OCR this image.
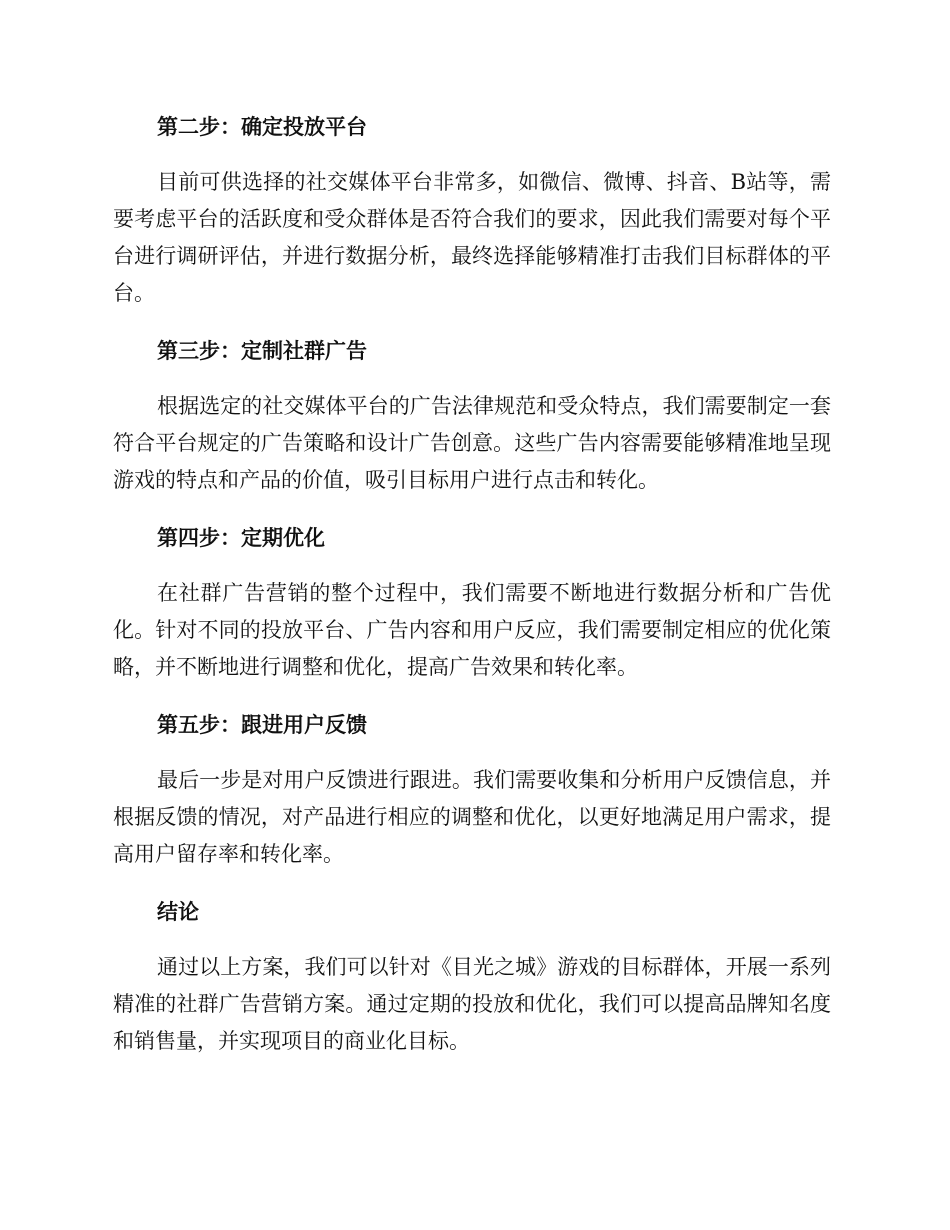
第二步：确定投放平台

目前可供选择的社交媒体平台非常多，如微信、微博、抖音、B站等，需要考虑平台的活跃度和受众群体是否符合我们的要求，因此我们需要对每个平台进行调研评估，并进行数据分析，最终选择能够精准打击我们目标群体的平台。

第三步：定制社群广告

根据选定的社交媒体平台的广告法律规范和受众特点，我们需要制定一套符合平台规定的广告策略和设计广告创意。这些广告内容需要能够精准地呈现游戏的特点和产品的价值，吸引目标用户进行点击和转化。

第四步：定期优化

在社群广告营销的整个过程中，我们需要不断地进行数据分析和广告优化。针对不同的投放平台、广告内容和用户反应，我们需要制定相应的优化策略，并不断地进行调整和优化，提高广告效果和转化率。

第五步：跟进用户反馈

最后一步是对用户反馈进行跟进。我们需要收集和分析用户反馈信息，并根据反馈的情况，对产品进行相应的调整和优化，以更好地满足用户需求，提高用户留存率和转化率。

结论

通过以上方案，我们可以针对《目光之城》游戏的目标群体，开展一系列精准的社群广告营销方案。通过定期的投放和优化，我们可以提高品牌知名度和销售量，并实现项目的商业化目标。
